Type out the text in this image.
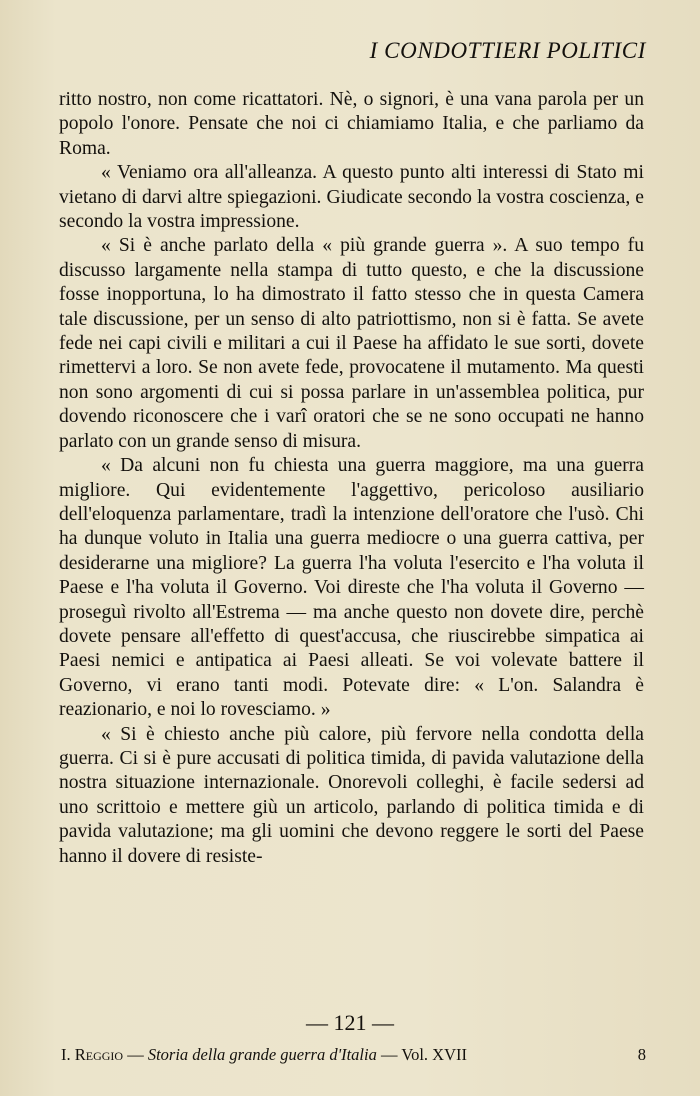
I CONDOTTIERI POLITICI

ritto nostro, non come ricattatori. Nè, o signori, è una vana parola per un popolo l'onore. Pensate che noi ci chiamiamo Italia, e che parliamo da Roma.

« Veniamo ora all'alleanza. A questo punto alti interessi di Stato mi vietano di darvi altre spiegazioni. Giudicate secondo la vostra coscienza, e secondo la vostra impressione.

« Si è anche parlato della « più grande guerra ». A suo tempo fu discusso largamente nella stampa di tutto questo, e che la discussione fosse inopportuna, lo ha dimostrato il fatto stesso che in questa Camera tale discussione, per un senso di alto patriottismo, non si è fatta. Se avete fede nei capi civili e militari a cui il Paese ha affidato le sue sorti, dovete rimettervi a loro. Se non avete fede, provocatene il mutamento. Ma questi non sono argomenti di cui si possa parlare in un'assemblea politica, pur dovendo riconoscere che i varî oratori che se ne sono occupati ne hanno parlato con un grande senso di misura.

« Da alcuni non fu chiesta una guerra maggiore, ma una guerra migliore. Qui evidentemente l'aggettivo, pericoloso ausiliario dell'eloquenza parlamentare, tradì la intenzione dell'oratore che l'usò. Chi ha dunque voluto in Italia una guerra mediocre o una guerra cattiva, per desiderarne una migliore? La guerra l'ha voluta l'esercito e l'ha voluta il Paese e l'ha voluta il Governo. Voi direste che l'ha voluta il Governo — proseguì rivolto all'Estrema — ma anche questo non dovete dire, perchè dovete pensare all'effetto di quest'accusa, che riuscirebbe simpatica ai Paesi nemici e antipatica ai Paesi alleati. Se voi volevate battere il Governo, vi erano tanti modi. Potevate dire: « L'on. Salandra è reazionario, e noi lo rovesciamo. »

« Si è chiesto anche più calore, più fervore nella condotta della guerra. Ci si è pure accusati di politica timida, di pavida valutazione della nostra situazione internazionale. Onorevoli colleghi, è facile sedersi ad uno scrittoio e mettere giù un articolo, parlando di politica timida e di pavida valutazione; ma gli uomini che devono reggere le sorti del Paese hanno il dovere di resiste-

— 121 —
I. Reggio — Storia della grande guerra d'Italia — Vol. XVII	8
